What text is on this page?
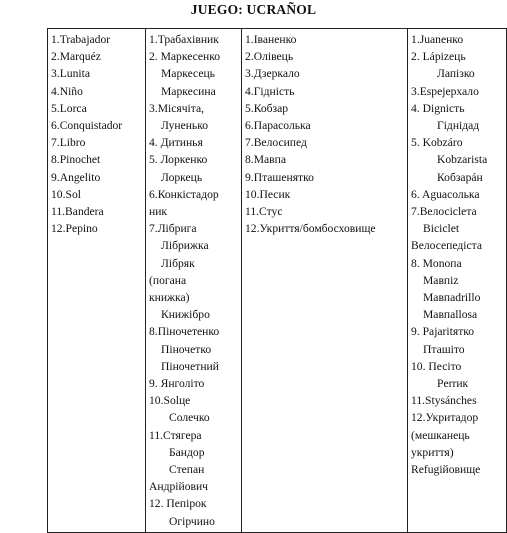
JUEGO: UCRAÑOL
1.Trabajador
2.Marquéz
3.Lunita
4.Niño
5.Lorca
6.Conquistador
7.Libro
8.Pinochet
9.Angelito
10.Sol
11.Bandera
12.Pepino

1.Трабахівник
2. Маркесенко
Маркесець
Маркесина
3.Місячіта,
Луненько
4. Дитинья
5. Лоркенко
Лоркець
6.Конкістадор
ник
7.Лібрига
Лібрижка
Лібряк
(погана
книжка)
Книжібро
8.Піночетенко
Піночетко
Піночетний
9. Янголіто
10.Solце
Солечко
11.Стягера
Бандор
Степан
Андрійович
12. Пепірок
Огірчино

1.Іваненко
2.Олівець
3.Дзеркало
4.Гідність
5.Кобзар
6.Парасолька
7.Велосипед
8.Мавпа
9.Пташенятко
10.Песик
11.Стус
12.Укриття/бомбосховище

1.Juanенко
2. Lápizець
Лапізко
3.Espejерхало
4. Dignість
Гіднідад
5. Kobzáro
Kobzarista
Кобзарáн
6. Aguaсолька
7.Велосіclета
Bicіclet
Велосепедіста
8. Monoпа
Мавпiz
Мавпadrillo
Мавпallosa
9. Pajaritятко
Пташіто
10. Песіто
Perrик
11.Stysánches
12.Укритадор
(мешканець
укриття)
Refugiйовище
